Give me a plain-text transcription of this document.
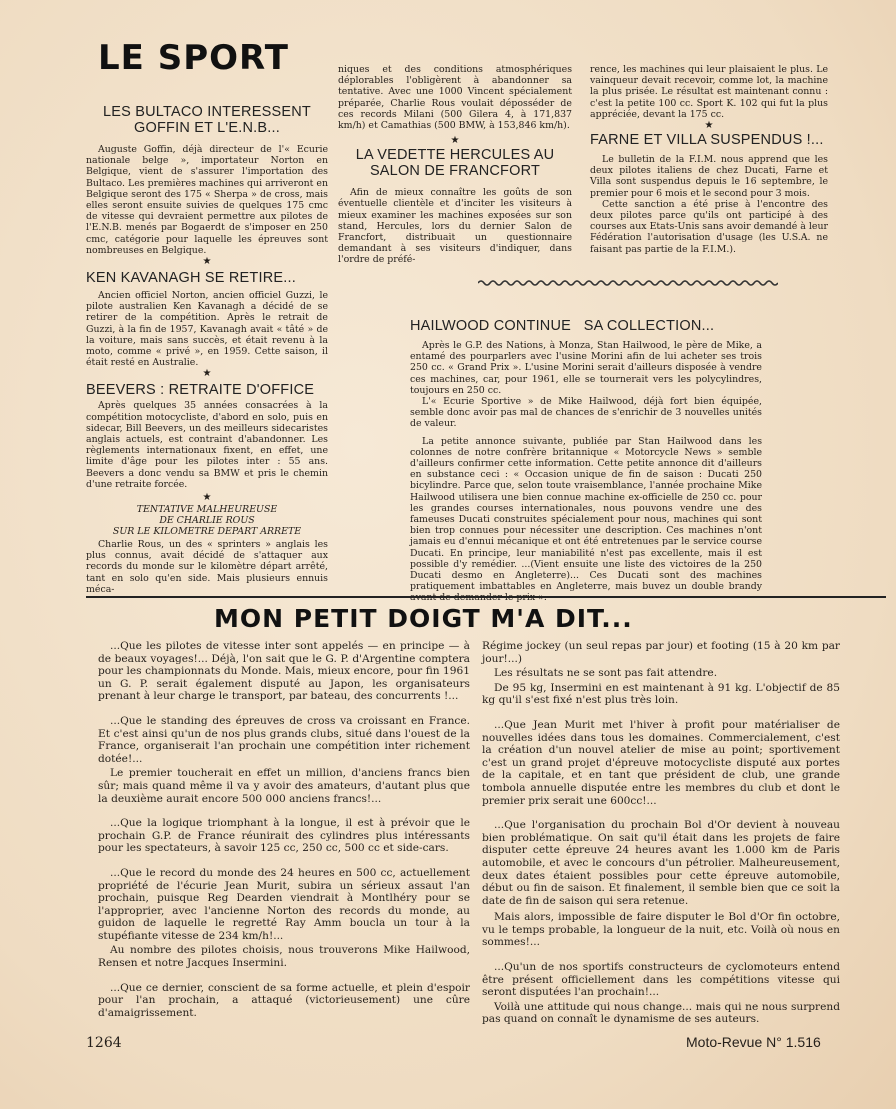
LE SPORT
LES BULTACO INTERESSENT
GOFFIN ET L'E.N.B...

Auguste Goffin, déjà directeur de l'« Ecurie nationale belge », importateur Norton en Belgique, vient de s'assurer l'importation des Bultaco. Les premières machines qui arriveront en Belgique seront des 175 « Sherpa » de cross, mais elles seront ensuite suivies de quelques 175 cmc de vitesse qui devraient permettre aux pilotes de l'E.N.B. menés par Bogaerdt de s'imposer en 250 cmc, catégorie pour laquelle les épreuves sont nombreuses en Belgique.

★
KEN KAVANAGH SE RETIRE...

Ancien officiel Norton, ancien officiel Guzzi, le pilote australien Ken Kavanagh a décidé de se retirer de la compétition. Après le retrait de Guzzi, à la fin de 1957, Kavanagh avait « tâté » de la voiture, mais sans succès, et était revenu à la moto, comme « privé », en 1959. Cette saison, il était resté en Australie.

★
BEEVERS : RETRAITE D'OFFICE

Après quelques 35 années consacrées à la compétition motocycliste, d'abord en solo, puis en sidecar, Bill Beevers, un des meilleurs sidecaristes anglais actuels, est contraint d'abandonner. Les règlements internationaux fixent, en effet, une limite d'âge pour les pilotes inter : 55 ans. Beevers a donc vendu sa BMW et pris le chemin d'une retraite forcée.

★
TENTATIVE MALHEUREUSE
DE CHARLIE ROUS
SUR LE KILOMETRE DEPART ARRETE

Charlie Rous, un des « sprinters » anglais les plus connus, avait décidé de s'attaquer aux records du monde sur le kilomètre départ arrêté, tant en solo qu'en side. Mais plusieurs ennuis méca-

niques et des conditions atmosphériques déplorables l'obligèrent à abandonner sa tentative. Avec une 1000 Vincent spécialement préparée, Charlie Rous voulait déposséder de ces records Milani (500 Gilera 4, à 171,837 km/h) et Camathias (500 BMW, à 153,846 km/h).

★
LA VEDETTE HERCULES AU
SALON DE FRANCFORT

Afin de mieux connaître les goûts de son éventuelle clientèle et d'inciter les visiteurs à mieux examiner les machines exposées sur son stand, Hercules, lors du dernier Salon de Francfort, distribuait un questionnaire demandant à ses visiteurs d'indiquer, dans l'ordre de préfé-

rence, les machines qui leur plaisaient le plus. Le vainqueur devait recevoir, comme lot, la machine la plus prisée. Le résultat est maintenant connu : c'est la petite 100 cc. Sport K. 102 qui fut la plus appréciée, devant la 175 cc.

★
FARNE ET VILLA SUSPENDUS !...

Le bulletin de la F.I.M. nous apprend que les deux pilotes italiens de chez Ducati, Farne et Villa sont suspendus depuis le 16 septembre, le premier pour 6 mois et le second pour 3 mois.

Cette sanction a été prise à l'encontre des deux pilotes parce qu'ils ont participé à des courses aux Etats-Unis sans avoir demandé à leur Fédération l'autorisation d'usage (les U.S.A. ne faisant pas partie de la F.I.M.).

HAILWOOD CONTINUE   SA COLLECTION...

Après le G.P. des Nations, à Monza, Stan Hailwood, le père de Mike, a entamé des pourparlers avec l'usine Morini afin de lui acheter ses trois 250 cc. « Grand Prix ». L'usine Morini serait d'ailleurs disposée à vendre ces machines, car, pour 1961, elle se tournerait vers les polycylindres, toujours en 250 cc.

L'« Ecurie Sportive » de Mike Hailwood, déjà fort bien équipée, semble donc avoir pas mal de chances de s'enrichir de 3 nouvelles unités de valeur.

La petite annonce suivante, publiée par Stan Hailwood dans les colonnes de notre confrère britannique « Motorcycle News » semble d'ailleurs confirmer cette information. Cette petite annonce dit d'ailleurs en substance ceci : « Occasion unique de fin de saison : Ducati 250 bicylindre. Parce que, selon toute vraisemblance, l'année prochaine Mike Hailwood utilisera une bien connue machine ex-officielle de 250 cc. pour les grandes courses internationales, nous pouvons vendre une des fameuses Ducati construites spécialement pour nous, machines qui sont bien trop connues pour nécessiter une description. Ces machines n'ont jamais eu d'ennui mécanique et ont été entretenues par le service course Ducati. En principe, leur maniabilité n'est pas excellente, mais il est possible d'y remédier. ...(Vient ensuite une liste des victoires de la 250 Ducati desmo en Angleterre)... Ces Ducati sont des machines pratiquement imbattables en Angleterre, mais buvez un double brandy

MON PETIT DOIGT M'A DIT...

...Que les pilotes de vitesse inter sont appelés — en principe — à de beaux voyages!... Déjà, l'on sait que le G. P. d'Argentine comptera pour les championnats du Monde. Mais, mieux encore, pour fin 1961 un G. P. serait également disputé au Japon, les organisateurs prenant à leur charge le transport, par bateau, des concurrents !...

...Que le standing des épreuves de cross va croissant en France. Et c'est ainsi qu'un de nos plus grands clubs, situé dans l'ouest de la France, organiserait l'an prochain une compétition inter richement dotée!...

Le premier toucherait en effet un million, d'anciens francs bien sûr; mais quand même il va y avoir des amateurs, d'autant plus que la deuxième aurait encore 500 000 anciens francs!...

...Que la logique triomphant à la longue, il est à prévoir que le prochain G.P. de France réunirait des cylindres plus intéressants pour les spectateurs, à savoir 125 cc, 250 cc, 500 cc et side-cars.

...Que le record du monde des 24 heures en 500 cc, actuellement propriété de l'écurie Jean Murit, subira un sérieux assaut l'an prochain, puisque Reg Dearden viendrait à Montlhéry pour se l'approprier, avec l'ancienne Norton des records du monde, au guidon de laquelle le regretté Ray Amm boucla un tour à la stupéfiante vitesse de 234 km/h!...

Au nombre des pilotes choisis, nous trouverons Mike Hailwood, Rensen et notre Jacques Insermini.

...Que ce dernier, conscient de sa forme actuelle, et plein d'espoir pour l'an prochain, a attaqué (victorieusement) une cûre d'amaigrissement.

Régime jockey (un seul repas par jour) et footing (15 à 20 km par jour!...)

Les résultats ne se sont pas fait attendre.

De 95 kg, Insermini en est maintenant à 91 kg. L'objectif de 85 kg qu'il s'est fixé n'est plus très loin.

...Que Jean Murit met l'hiver à profit pour matérialiser de nouvelles idées dans tous les domaines. Commercialement, c'est la création d'un nouvel atelier de mise au point; sportivement c'est un grand projet d'épreuve motocycliste disputé aux portes de la capitale, et en tant que président de club, une grande tombola annuelle disputée entre les membres du club et dont le premier prix serait une 600cc!...

...Que l'organisation du prochain Bol d'Or devient à nouveau bien problématique. On sait qu'il était dans les projets de faire disputer cette épreuve 24 heures avant les 1.000 km de Paris automobile, et avec le concours d'un pétrolier. Malheureusement, deux dates étaient possibles pour cette épreuve automobile, début ou fin de saison. Et finalement, il semble bien que ce soit la date de fin de saison qui sera retenue.

Mais alors, impossible de faire disputer le Bol d'Or fin octobre, vu le temps probable, la longueur de la nuit, etc. Voilà où nous en sommes!...

...Qu'un de nos sportifs constructeurs de cyclomoteurs entend être présent officiellement dans les compétitions vitesse qui seront disputées l'an prochain!...

Voilà une attitude qui nous change... mais qui ne nous surprend pas quand on connaît le dynamisme de ses auteurs.

1264	Moto-Revue N° 1.516
